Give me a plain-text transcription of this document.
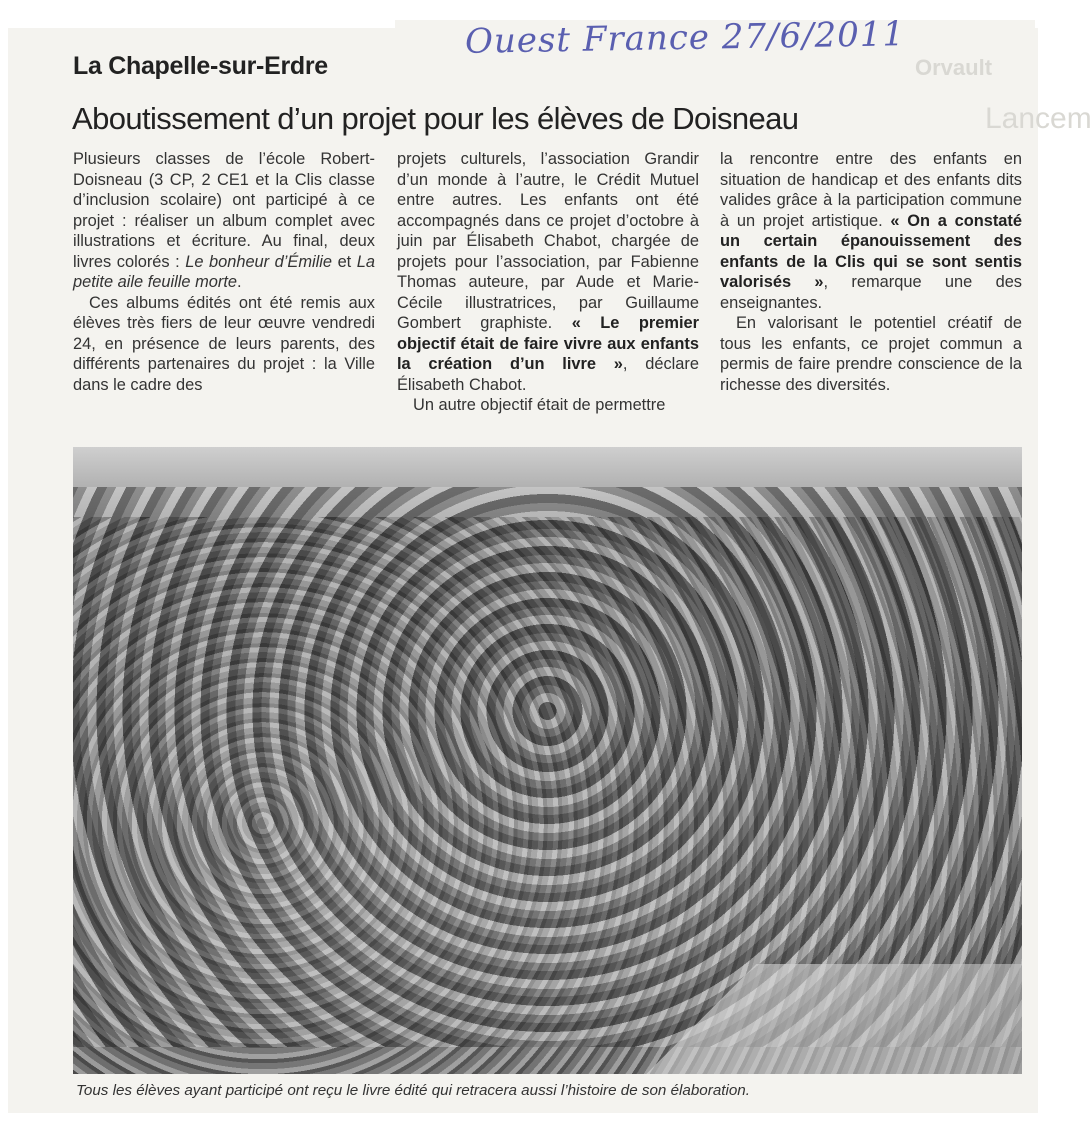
Orvault
Lancem
Ouest France 27/6/2011
La Chapelle-sur-Erdre
Aboutissement d’un projet pour les élèves de Doisneau

Plusieurs classes de l’école Robert-Doisneau (3 CP, 2 CE1 et la Clis classe d’inclusion scolaire) ont participé à ce projet : réaliser un album complet avec illustrations et écriture. Au final, deux livres colorés : Le bonheur d’Émilie et La petite aile feuille morte.

Ces albums édités ont été remis aux élèves très fiers de leur œuvre vendredi 24, en présence de leurs parents, des différents partenaires du projet : la Ville dans le cadre des

projets culturels, l’association Grandir d’un monde à l’autre, le Crédit Mutuel entre autres. Les enfants ont été accompagnés dans ce projet d’octobre à juin par Élisabeth Chabot, chargée de projets pour l’association, par Fabienne Thomas auteure, par Aude et Marie-Cécile illustratrices, par Guillaume Gombert graphiste. « Le premier objectif était de faire vivre aux enfants la création d’un livre », déclare Élisabeth Chabot.

Un autre objectif était de permettre

la rencontre entre des enfants en situation de handicap et des enfants dits valides grâce à la participation commune à un projet artistique. « On a constaté un certain épanouissement des enfants de la Clis qui se sont sentis valorisés », remarque une des enseignantes.

En valorisant le potentiel créatif de tous les enfants, ce projet commun a permis de faire prendre conscience de la richesse des diversités.

Tous les élèves ayant participé ont reçu le livre édité qui retracera aussi l’histoire de son élaboration.
